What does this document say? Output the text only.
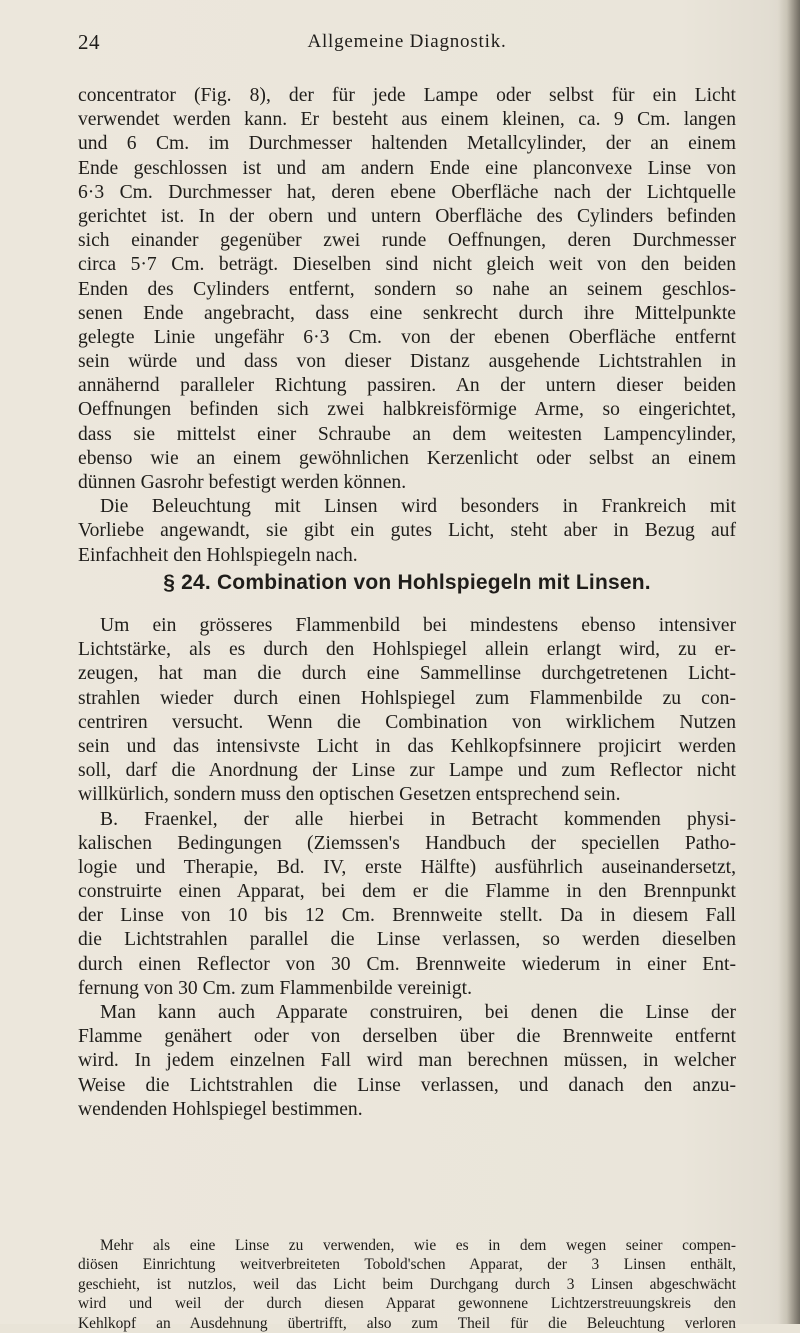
24	Allgemeine Diagnostik.
concentrator (Fig. 8), der für jede Lampe oder selbst für ein Licht
verwendet werden kann. Er besteht aus einem kleinen, ca. 9 Cm. langen
und 6 Cm. im Durchmesser haltenden Metallcylinder, der an einem
Ende geschlossen ist und am andern Ende eine planconvexe Linse von
6·3 Cm. Durchmesser hat, deren ebene Oberfläche nach der Lichtquelle
gerichtet ist. In der obern und untern Oberfläche des Cylinders befinden
sich einander gegenüber zwei runde Oeffnungen, deren Durchmesser
circa 5·7 Cm. beträgt. Dieselben sind nicht gleich weit von den beiden
Enden des Cylinders entfernt, sondern so nahe an seinem geschlos-
senen Ende angebracht, dass eine senkrecht durch ihre Mittelpunkte
gelegte Linie ungefähr 6·3 Cm. von der ebenen Oberfläche entfernt
sein würde und dass von dieser Distanz ausgehende Lichtstrahlen in
annähernd paralleler Richtung passiren. An der untern dieser beiden
Oeffnungen befinden sich zwei halbkreisförmige Arme, so eingerichtet,
dass sie mittelst einer Schraube an dem weitesten Lampencylinder,
ebenso wie an einem gewöhnlichen Kerzenlicht oder selbst an einem
dünnen Gasrohr befestigt werden können.
Die Beleuchtung mit Linsen wird besonders in Frankreich mit
Vorliebe angewandt, sie gibt ein gutes Licht, steht aber in Bezug auf
Einfachheit den Hohlspiegeln nach.
§ 24. Combination von Hohlspiegeln mit Linsen.
Um ein grösseres Flammenbild bei mindestens ebenso intensiver
Lichtstärke, als es durch den Hohlspiegel allein erlangt wird, zu er-
zeugen, hat man die durch eine Sammellinse durchgetretenen Licht-
strahlen wieder durch einen Hohlspiegel zum Flammenbilde zu con-
centriren versucht. Wenn die Combination von wirklichem Nutzen
sein und das intensivste Licht in das Kehlkopfsinnere projicirt werden
soll, darf die Anordnung der Linse zur Lampe und zum Reflector nicht
willkürlich, sondern muss den optischen Gesetzen entsprechend sein.
B. Fraenkel, der alle hierbei in Betracht kommenden physi-
kalischen Bedingungen (Ziemssen's Handbuch der speciellen Patho-
logie und Therapie, Bd. IV, erste Hälfte) ausführlich auseinandersetzt,
construirte einen Apparat, bei dem er die Flamme in den Brennpunkt
der Linse von 10 bis 12 Cm. Brennweite stellt. Da in diesem Fall
die Lichtstrahlen parallel die Linse verlassen, so werden dieselben
durch einen Reflector von 30 Cm. Brennweite wiederum in einer Ent-
fernung von 30 Cm. zum Flammenbilde vereinigt.
Man kann auch Apparate construiren, bei denen die Linse der
Flamme genähert oder von derselben über die Brennweite entfernt
wird. In jedem einzelnen Fall wird man berechnen müssen, in welcher
Weise die Lichtstrahlen die Linse verlassen, und danach den anzu-
wendenden Hohlspiegel bestimmen.
Mehr als eine Linse zu verwenden, wie es in dem wegen seiner compen-
diösen Einrichtung weitverbreiteten Tobold'schen Apparat, der 3 Linsen enthält,
geschieht, ist nutzlos, weil das Licht beim Durchgang durch 3 Linsen abgeschwächt
wird und weil der durch diesen Apparat gewonnene Lichtzerstreuungskreis den
Kehlkopf an Ausdehnung übertrifft, also zum Theil für die Beleuchtung verloren
